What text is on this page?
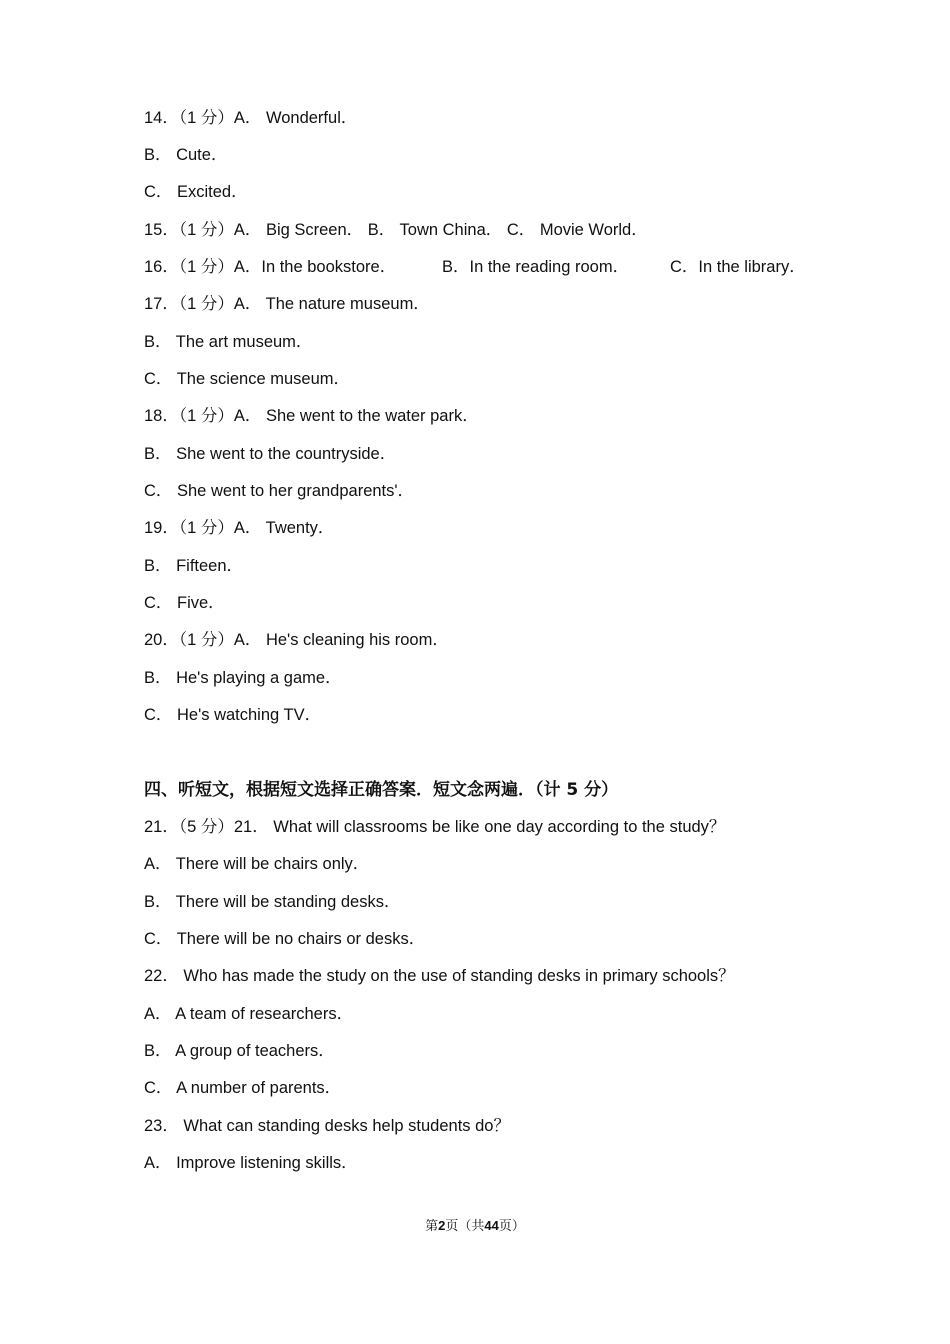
14．（1 分）A． Wonderful．
B． Cute．
C． Excited．
15．（1 分）A． Big Screen． B． Town China． C． Movie World．

16．（1 分）A．In the bookstore．

	B．In the reading room．

C．In the library．

17．（1 分）A． The nature museum．
B． The art museum．
C． The science museum．
18．（1 分）A． She went to the water park．
B． She went to the countryside．
C． She went to her grandparents'．
19．（1 分）A． Twenty．
B． Fifteen．
C． Five．
20．（1 分）A． He's cleaning his room．
B． He's playing a game．
C． He's watching TV．
四、听短文，根据短文选择正确答案．短文念两遍．（计 5 分）
21．（5 分）21． What will classrooms be like one day according to the study？
A． There will be chairs only．
B． There will be standing desks．
C． There will be no chairs or desks．
22． Who has made the study on the use of standing desks in primary schools？
A． A team of researchers．
B． A group of teachers．
C． A number of parents．
23． What can standing desks help students do？
A． Improve listening skills．
第2页（共44页）
